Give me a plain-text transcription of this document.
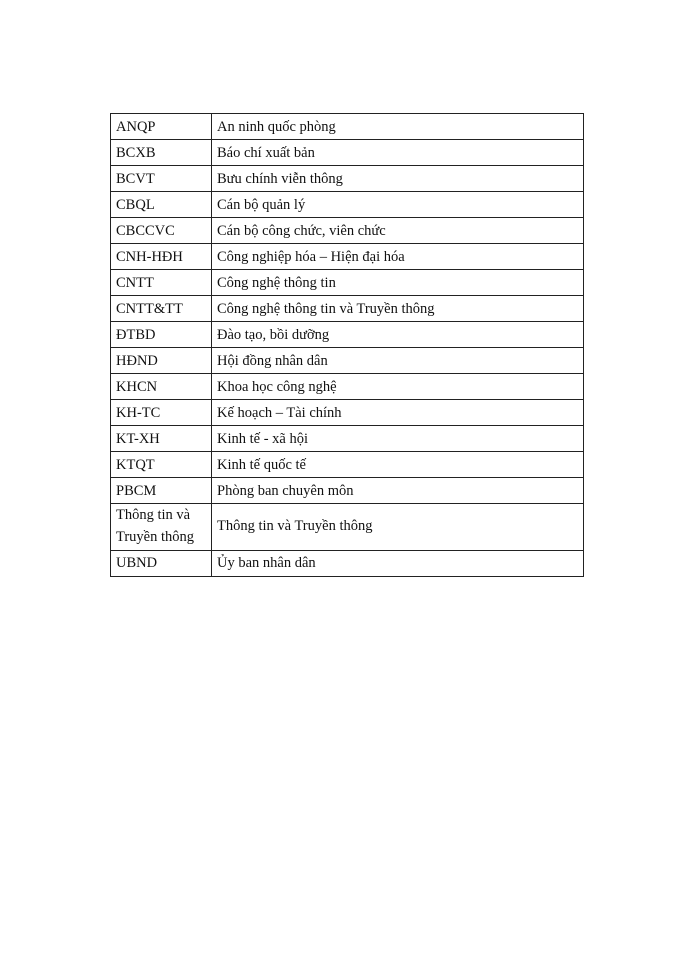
ANQP	An ninh quốc phòng
BCXB	Báo chí xuất bản
BCVT	Bưu chính viễn thông
CBQL	Cán bộ quản lý
CBCCVC	Cán bộ công chức, viên chức
CNH-HĐH	Công nghiệp hóa – Hiện đại hóa
CNTT	Công nghệ thông tin
CNTT&TT	Công nghệ thông tin và Truyền thông
ĐTBD	Đào tạo, bồi dưỡng
HĐND	Hội đồng nhân dân
KHCN	Khoa học công nghệ
KH-TC	Kế hoạch – Tài chính
KT-XH	Kinh tế - xã hội
KTQT	Kinh tế quốc tế
PBCM	Phòng ban chuyên môn
Thông tin và Truyền thông	Thông tin và Truyền thông
UBND	Ủy ban nhân dân
